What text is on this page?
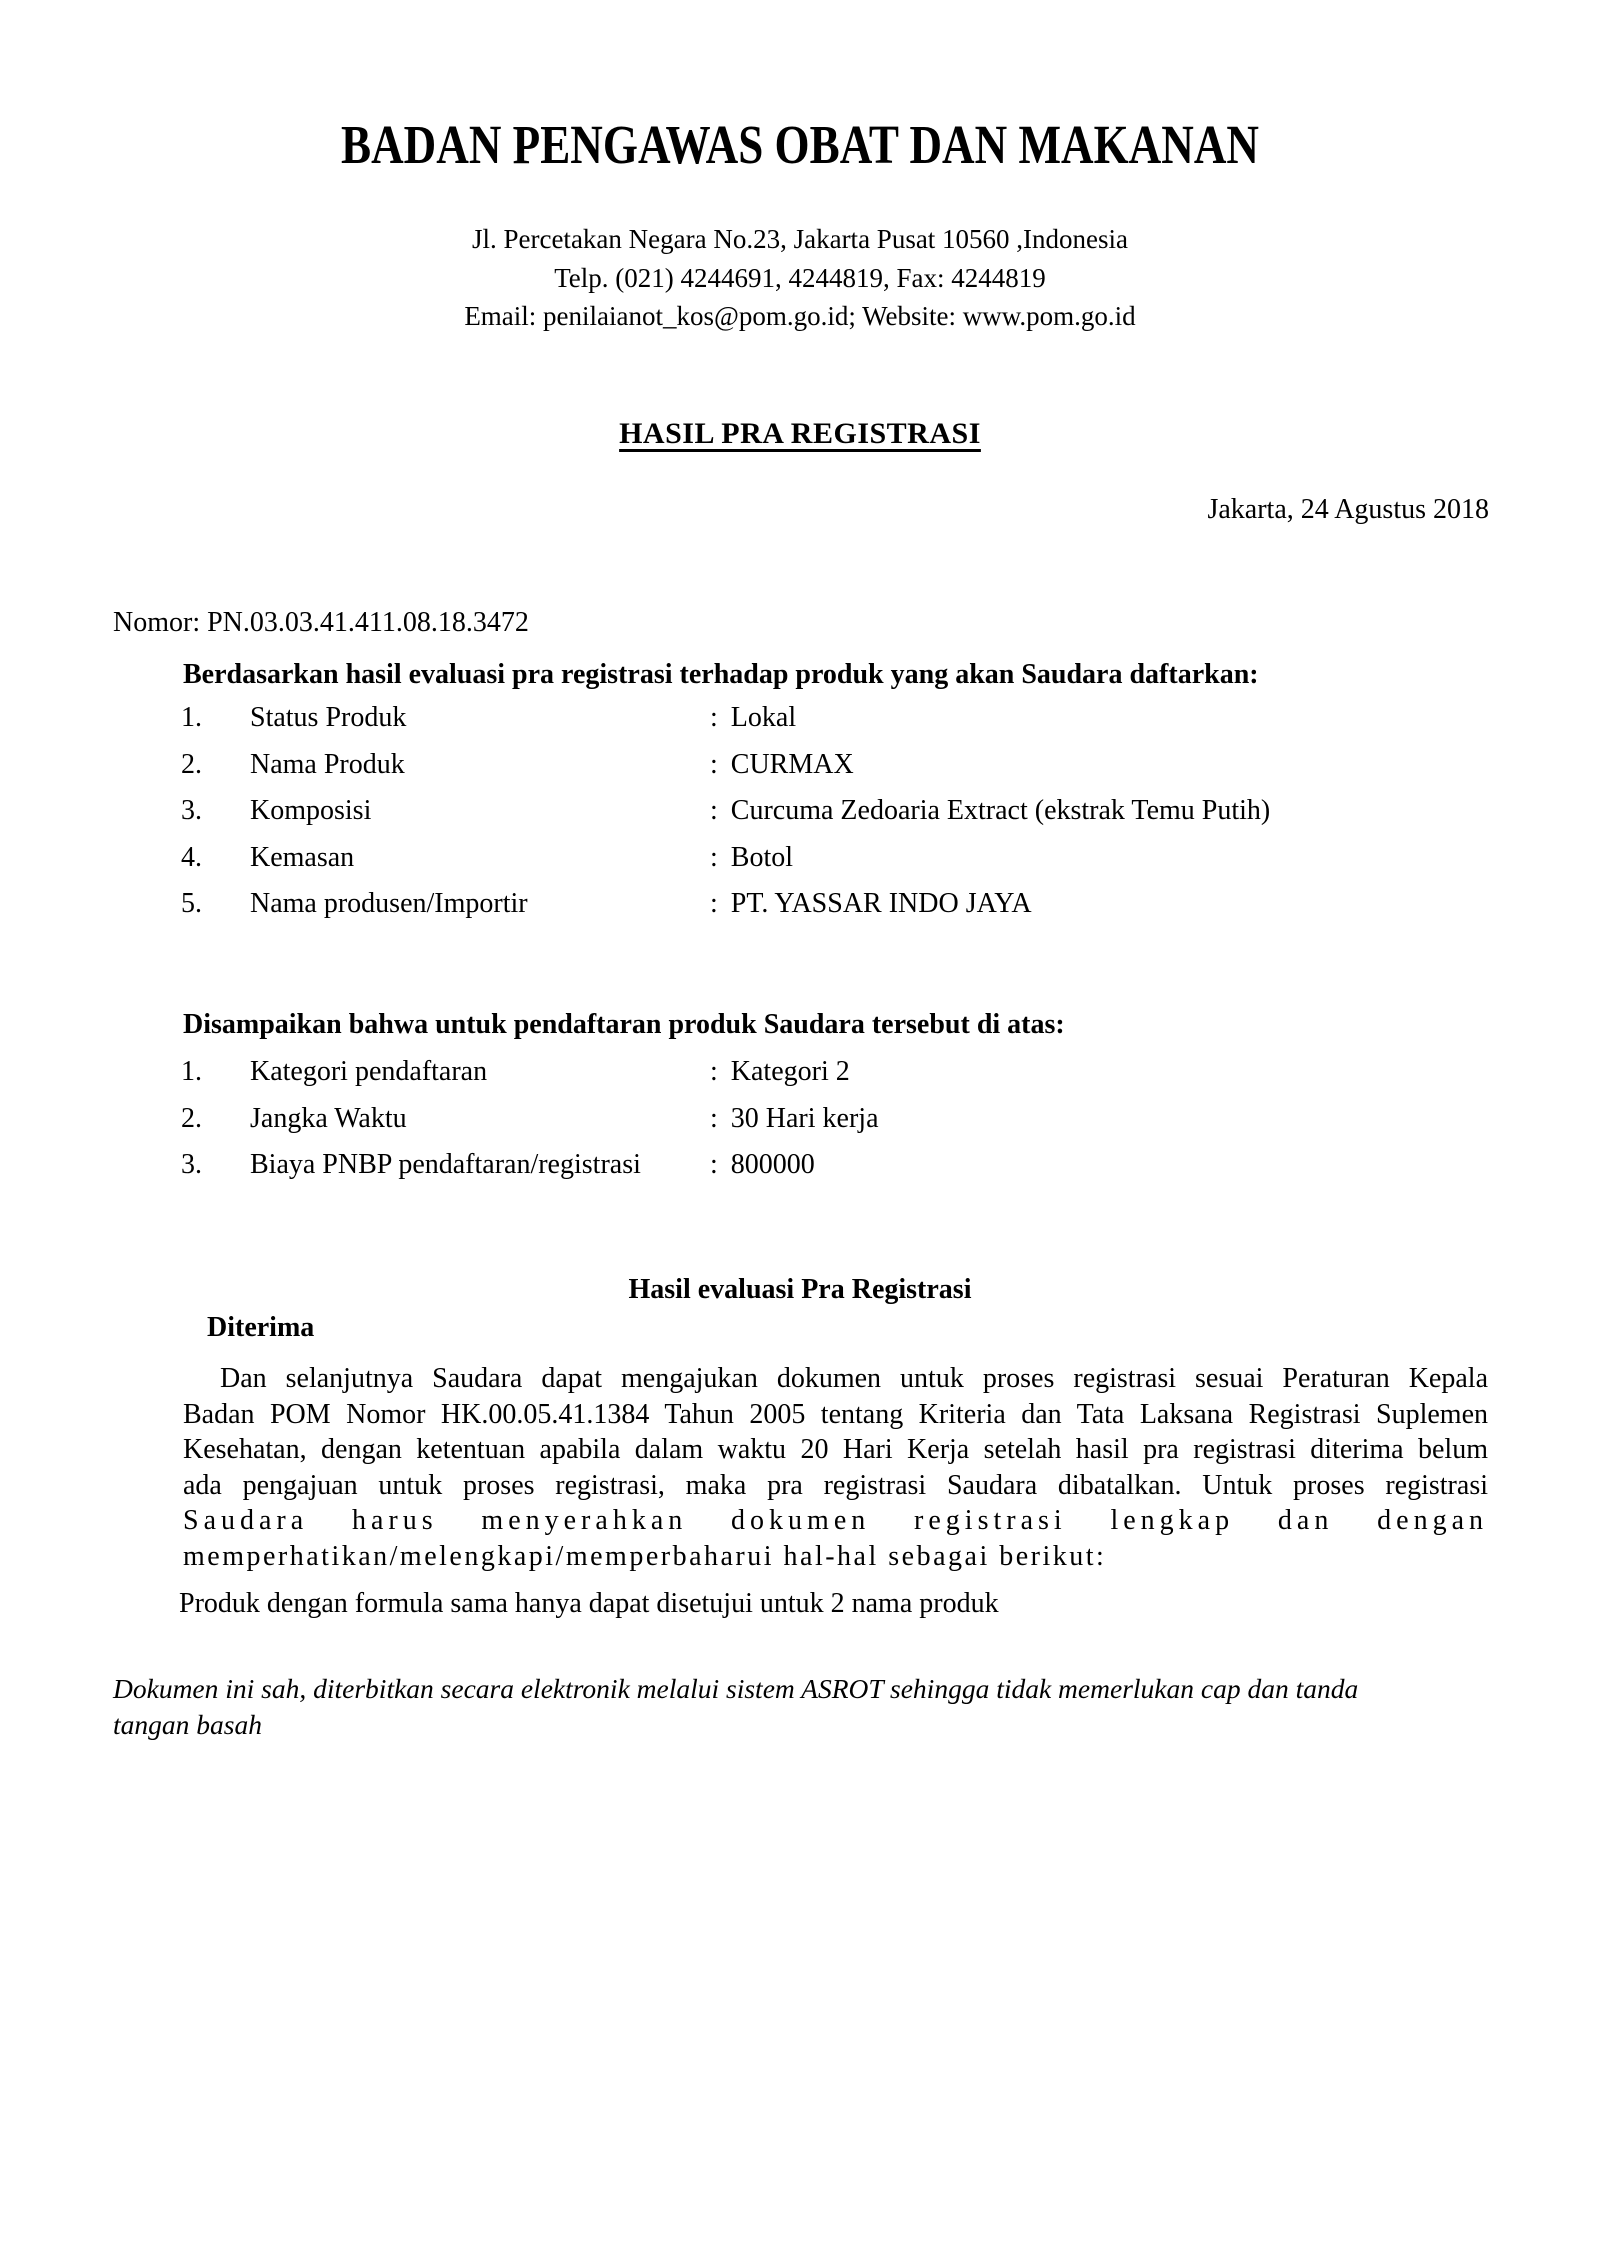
BADAN PENGAWAS OBAT DAN MAKANAN
Jl. Percetakan Negara No.23, Jakarta Pusat 10560 ,Indonesia
Telp. (021) 4244691, 4244819, Fax: 4244819
Email: penilaianot_kos@pom.go.id; Website: www.pom.go.id
HASIL PRA REGISTRASI
Jakarta, 24 Agustus 2018
Nomor: PN.03.03.41.411.08.18.3472
Berdasarkan hasil evaluasi pra registrasi terhadap produk yang akan Saudara daftarkan:
1. Status Produk	: Lokal
2. Nama Produk	: CURMAX
3. Komposisi	: Curcuma Zedoaria Extract (ekstrak Temu Putih)
4. Kemasan	: Botol
5. Nama produsen/Importir	: PT. YASSAR INDO JAYA
Disampaikan bahwa untuk pendaftaran produk Saudara tersebut di atas:
1. Kategori pendaftaran	: Kategori 2
2. Jangka Waktu	: 30 Hari kerja
3. Biaya PNBP pendaftaran/registrasi : 800000
Hasil evaluasi Pra Registrasi
Diterima
Dan selanjutnya Saudara dapat mengajukan dokumen untuk proses registrasi sesuai Peraturan Kepala
Badan POM Nomor HK.00.05.41.1384 Tahun 2005 tentang Kriteria dan Tata Laksana Registrasi Suplemen
Kesehatan, dengan ketentuan apabila dalam waktu 20 Hari Kerja setelah hasil pra registrasi diterima belum
ada pengajuan untuk proses registrasi, maka pra registrasi Saudara dibatalkan. Untuk proses registrasi
Saudara harus menyerahkan dokumen registrasi lengkap dan dengan
memperhatikan/melengkapi/memperbaharui hal-hal sebagai berikut:
Produk dengan formula sama hanya dapat disetujui untuk 2 nama produk
Dokumen ini sah, diterbitkan secara elektronik melalui sistem ASROT sehingga tidak memerlukan cap dan tanda
tangan basah
